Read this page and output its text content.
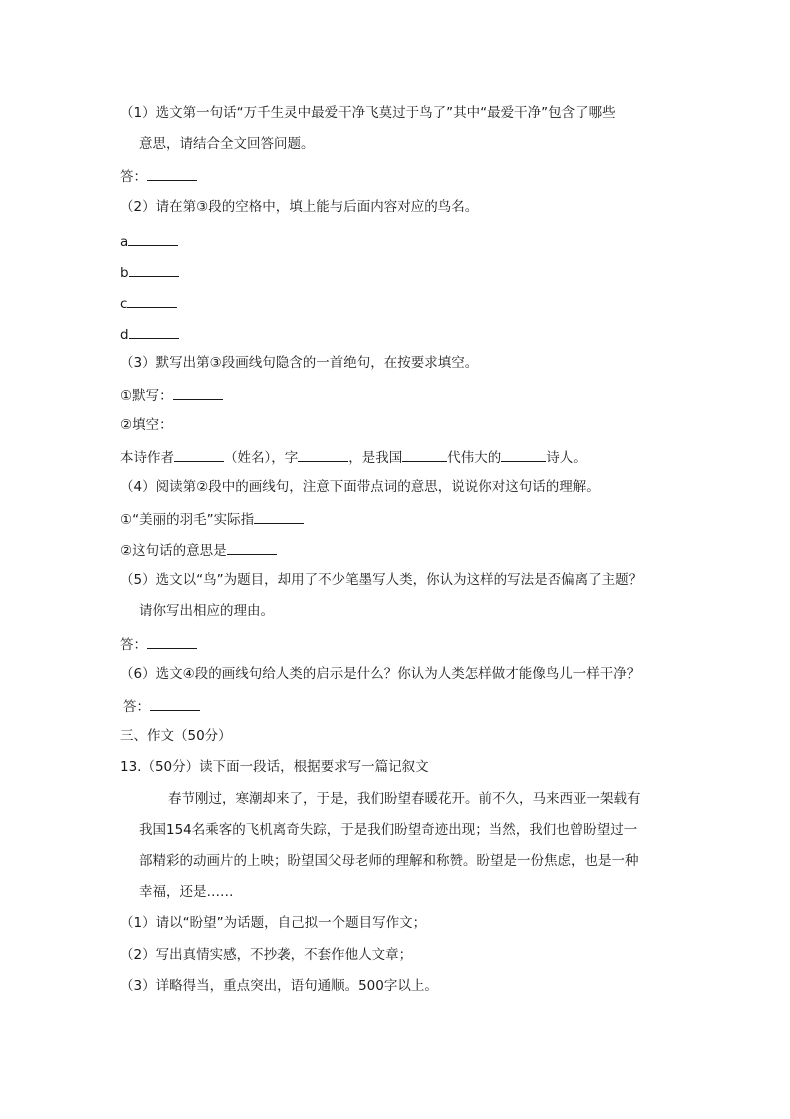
（1）选文第一句话“万千生灵中最爱干净飞莫过于鸟了”其中“最爱干净”包含了哪些
意思，请结合全文回答问题。
答：
（2）请在第③段的空格中，填上能与后面内容对应的鸟名。
a
b
c
d
（3）默写出第③段画线句隐含的一首绝句，在按要求填空。
①默写：
②填空：
本诗作者	（姓名），字	，是我国	代伟大的	诗人。
（4）阅读第②段中的画线句，注意下面带点词的意思，说说你对这句话的理解。
①“美丽的羽毛”实际指
②这句话的意思是
（5）选文以“鸟”为题目，却用了不少笔墨写人类，你认为这样的写法是否偏离了主题？
请你写出相应的理由。
答：
（6）选文④段的画线句给人类的启示是什么？你认为人类怎样做才能像鸟儿一样干净？
答：
三、作文（50分）
13.（50分）读下面一段话，根据要求写一篇记叙文
春节刚过，寒潮却来了，于是，我们盼望春暖花开。前不久，马来西亚一架载有
我国154名乘客的飞机离奇失踪，于是我们盼望奇迹出现；当然，我们也曾盼望过一
部精彩的动画片的上映；盼望国父母老师的理解和称赞。盼望是一份焦虑，也是一种
幸福，还是……
（1）请以“盼望”为话题，自己拟一个题目写作文；
（2）写出真情实感，不抄袭，不套作他人文章；
（3）详略得当，重点突出，语句通顺。500字以上。
